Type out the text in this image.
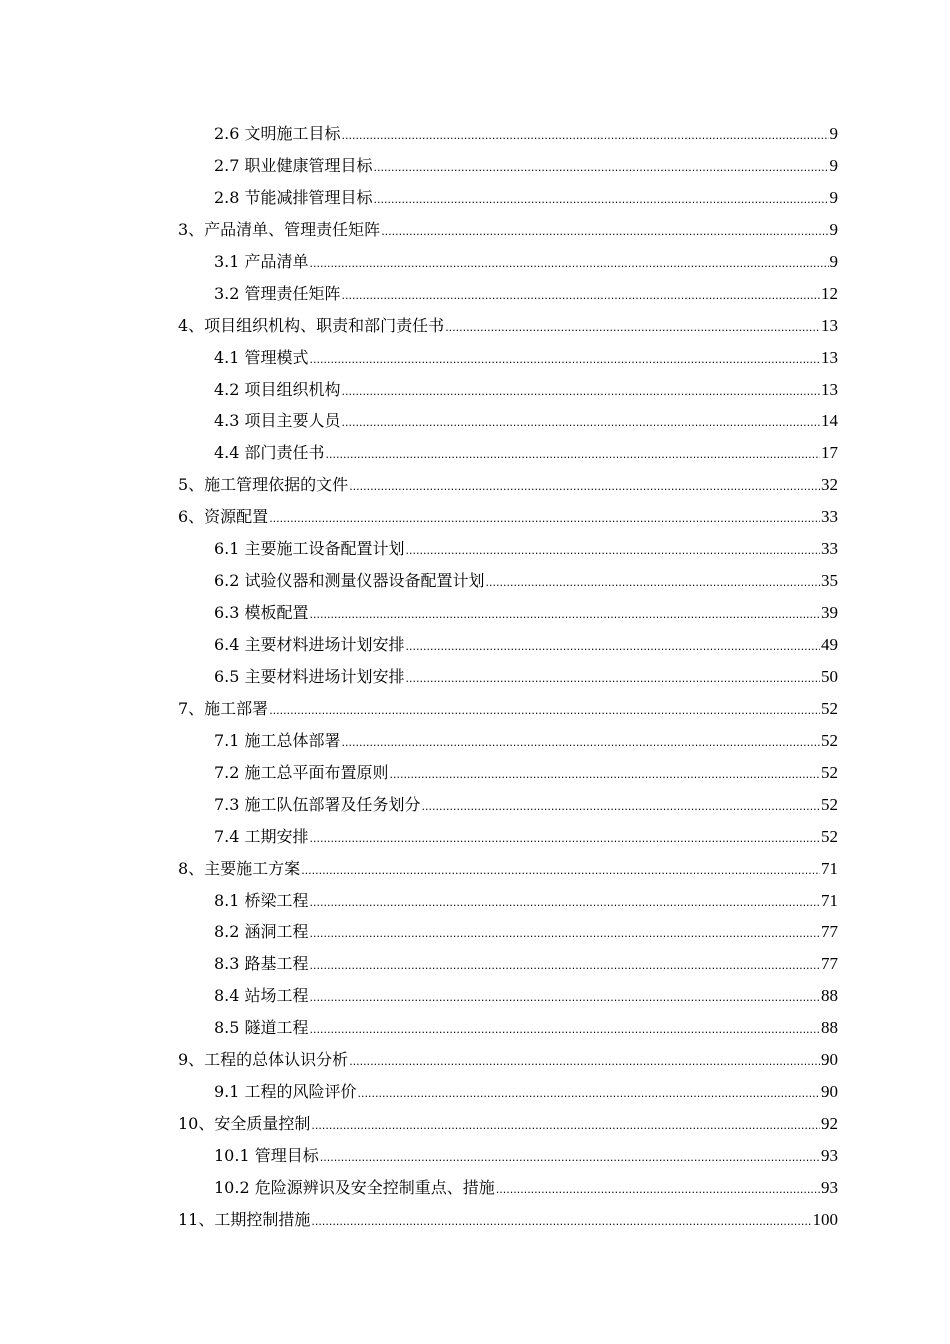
2.6 文明施工目标 .....	9
2.7 职业健康管理目标 .....	9
2.8 节能减排管理目标 .....	9
3、产品清单、管理责任矩阵 .....	9
3.1 产品清单 .....	9
3.2 管理责任矩阵 .....	12
4、项目组织机构、职责和部门责任书 .....	13
4.1 管理模式 .....	13
4.2 项目组织机构 .....	13
4.3 项目主要人员 .....	14
4.4 部门责任书 .....	17
5、施工管理依据的文件 .....	32
6、资源配置 .....	33
6.1 主要施工设备配置计划 .....	33
6.2 试验仪器和测量仪器设备配置计划 .....	35
6.3 模板配置 .....	39
6.4 主要材料进场计划安排 .....	49
6.5 主要材料进场计划安排 .....	50
7、施工部署 .....	52
7.1 施工总体部署 .....	52
7.2 施工总平面布置原则 .....	52
7.3 施工队伍部署及任务划分 .....	52
7.4 工期安排 .....	52
8、主要施工方案 .....	71
8.1 桥梁工程 .....	71
8.2 涵洞工程 .....	77
8.3 路基工程 .....	77
8.4 站场工程 .....	88
8.5 隧道工程 .....	88
9、工程的总体认识分析 .....	90
9.1 工程的风险评价 .....	90
10、安全质量控制 .....	92
10.1 管理目标 .....	93
10.2 危险源辨识及安全控制重点、措施 .....	93
11、工期控制措施 .....	100
